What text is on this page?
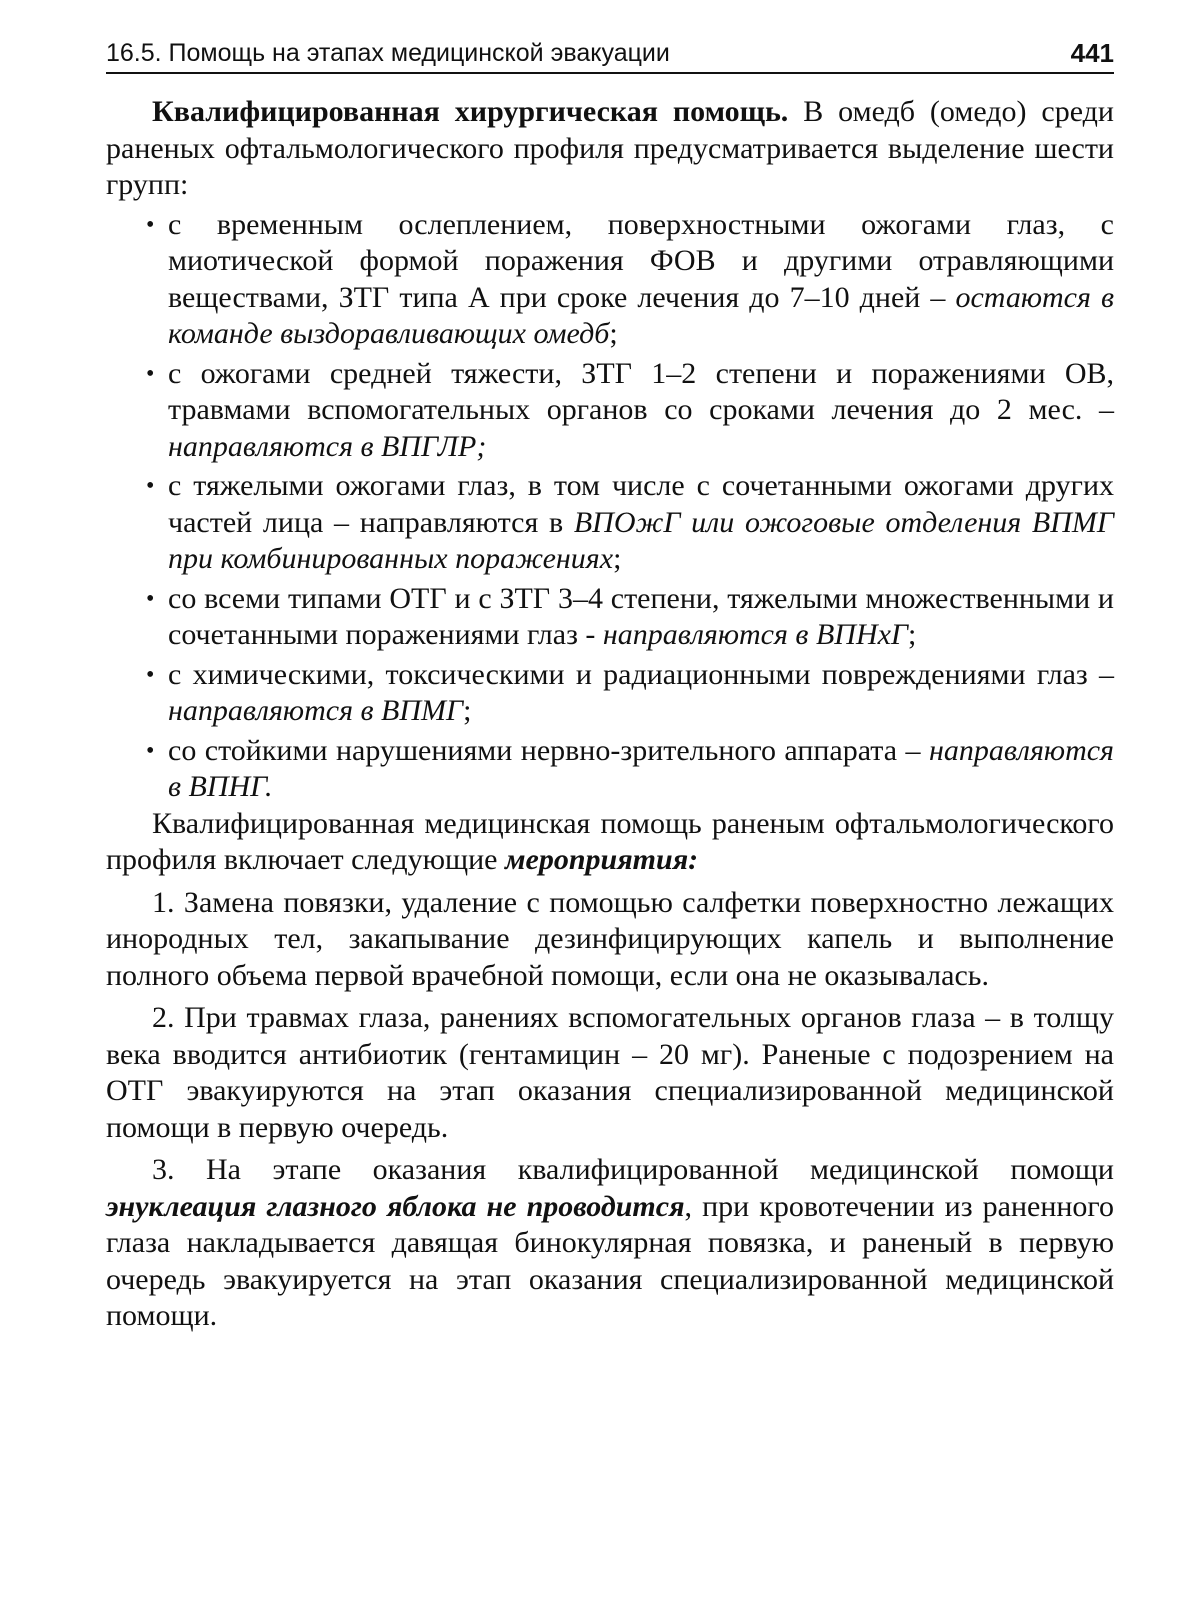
16.5. Помощь на этапах медицинской эвакуации	441

Квалифицированная хирургическая помощь. В омедб (омедо) среди раненых офтальмологического профиля предусматривается выделение шести групп:

• с временным ослеплением, поверхностными ожогами глаз, с миотической формой поражения ФОВ и другими отравляющими веществами, ЗТГ типа А при сроке лечения до 7–10 дней – остаются в команде выздоравливающих омедб;
• с ожогами средней тяжести, ЗТГ 1–2 степени и поражениями ОВ, травмами вспомогательных органов со сроками лечения до 2 мес. – направляются в ВПГЛР;
• с тяжелыми ожогами глаз, в том числе с сочетанными ожогами других частей лица – направляются в ВПОжГ или ожоговые отделения ВПМГ при комбинированных поражениях;
• со всеми типами ОТГ и с ЗТГ 3–4 степени, тяжелыми множественными и сочетанными поражениями глаз - направляются в ВПНхГ;
• с химическими, токсическими и радиационными повреждениями глаз – направляются в ВПМГ;
• со стойкими нарушениями нервно-зрительного аппарата – направляются в ВПНГ.

Квалифицированная медицинская помощь раненым офтальмологического профиля включает следующие мероприятия:

1. Замена повязки, удаление с помощью салфетки поверхностно лежащих инородных тел, закапывание дезинфицирующих капель и выполнение полного объема первой врачебной помощи, если она не оказывалась.

2. При травмах глаза, ранениях вспомогательных органов глаза – в толщу века вводится антибиотик (гентамицин – 20 мг). Раненые с подозрением на ОТГ эвакуируются на этап оказания специализированной медицинской помощи в первую очередь.

3. На этапе оказания квалифицированной медицинской помощи энуклеация глазного яблока не проводится, при кровотечении из раненного глаза накладывается давящая бинокулярная повязка, и раненый в первую очередь эвакуируется на этап оказания специализированной медицинской помощи.
